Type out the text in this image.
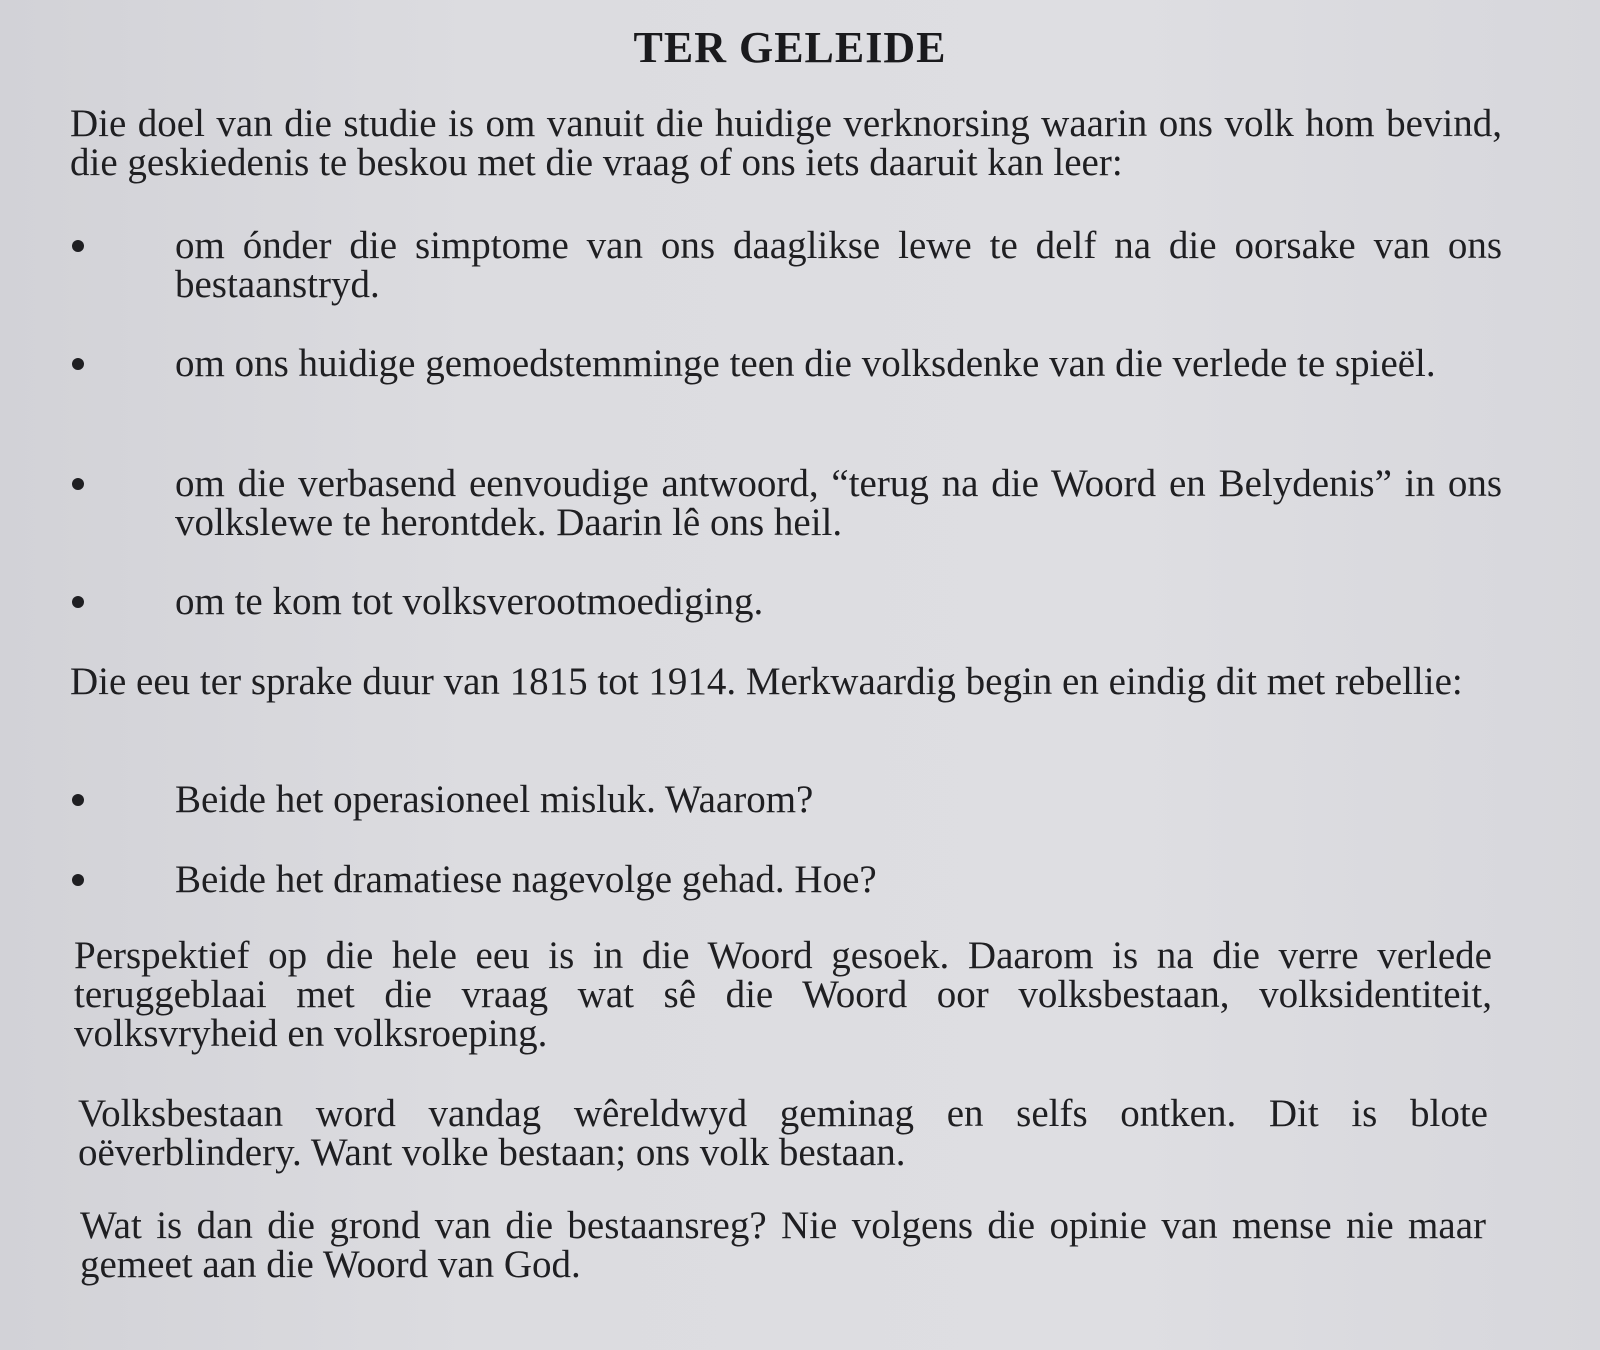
TER GELEIDE
Die doel van die studie is om vanuit die huidige verknorsing waarin ons volk hom bevind, die geskiedenis te beskou met die vraag of ons iets daaruit kan leer:
om ónder die simptome van ons daaglikse lewe te delf na die oorsake van ons bestaanstryd.
om ons huidige gemoedstemminge teen die volksdenke van die verlede te spieël.
om die verbasend eenvoudige antwoord, “terug na die Woord en Belydenis” in ons volkslewe te herontdek. Daarin lê ons heil.
om te kom tot volksverootmoediging.
Die eeu ter sprake duur van 1815 tot 1914. Merkwaardig begin en eindig dit met rebellie:
Beide het operasioneel misluk. Waarom?
Beide het dramatiese nagevolge gehad. Hoe?
Perspektief op die hele eeu is in die Woord gesoek. Daarom is na die verre verlede teruggeblaai met die vraag wat sê die Woord oor volksbestaan, volksidentiteit, volksvryheid en volksroeping.
Volksbestaan word vandag wêreldwyd geminag en selfs ontken. Dit is blote oëverblindery. Want volke bestaan; ons volk bestaan.
Wat is dan die grond van die bestaansreg? Nie volgens die opinie van mense nie maar gemeet aan die Woord van God.
